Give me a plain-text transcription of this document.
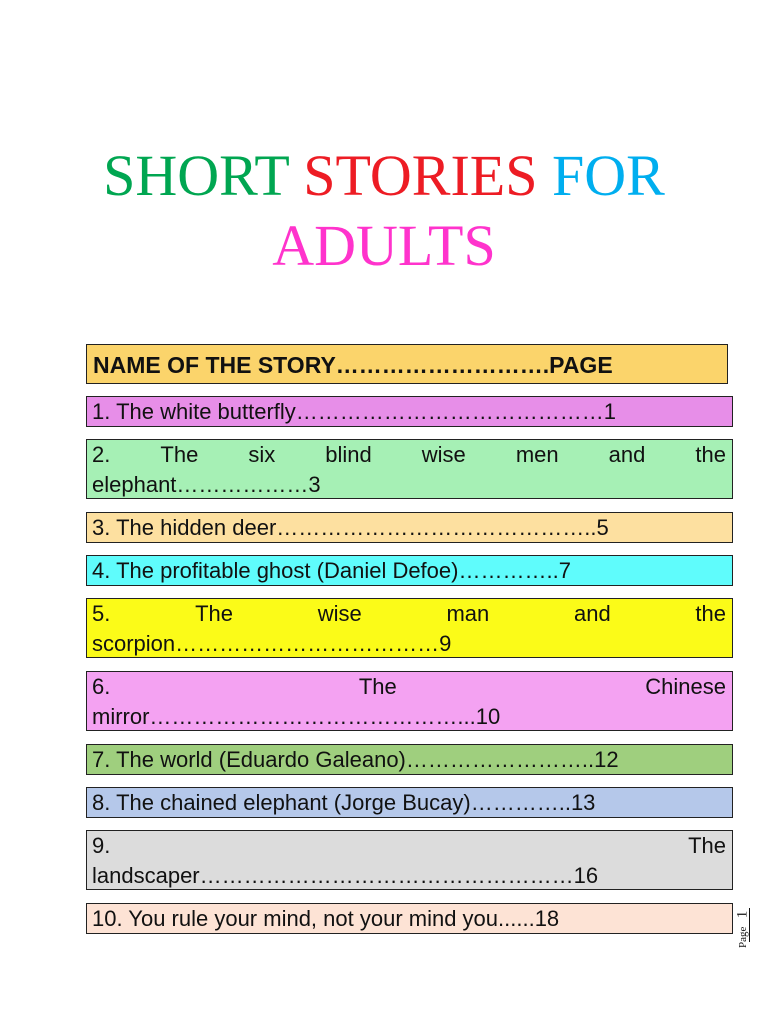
SHORT STORIES FOR
ADULTS
NAME OF THE STORY……………………….PAGE
1. The white butterfly……………………………………1
2. The six blind wise men and the
elephant………………3
3. The hidden deer……………………………………..5
4. The profitable ghost (Daniel Defoe)…………..7
5.	The	wise	man	and	the
scorpion………………………………9
6.	The	Chinese
mirror……………………………………...10
7. The world (Eduardo Galeano)……………………..12
8. The chained elephant (Jorge Bucay)…………..13
9.	The
landscaper……………………………………………16
10. You rule your mind, not your mind you......18
Page
1
